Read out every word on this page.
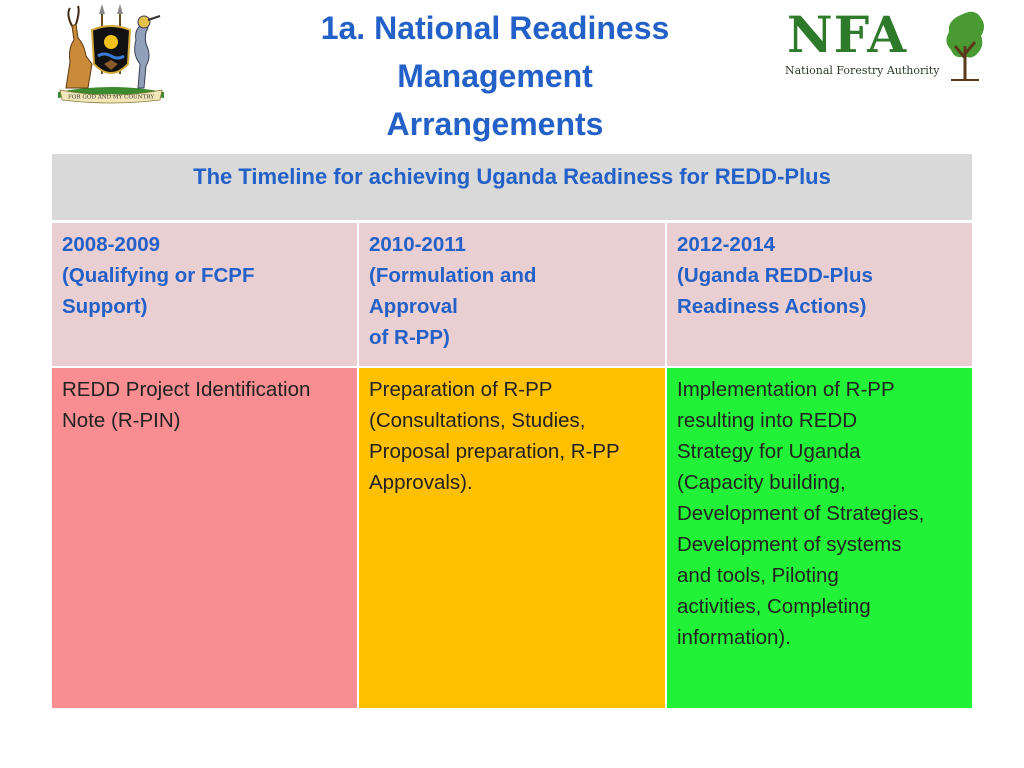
FOR GOD AND MY COUNTRY
NFA
National Forestry Authority
1a. National Readiness
Management
Arrangements
The Timeline for achieving Uganda Readiness for REDD-Plus
2008-2009
(Qualifying or FCPF
Support)
2010-2011
(Formulation and
Approval
of R-PP)
2012-2014
(Uganda REDD-Plus
Readiness Actions)
REDD Project Identification
Note (R-PIN)
Preparation of R-PP
(Consultations, Studies,
Proposal preparation, R-PP
Approvals).
Implementation of R-PP
resulting into REDD
Strategy for Uganda
(Capacity building,
Development of Strategies,
Development of systems
and tools, Piloting
activities, Completing
information).
